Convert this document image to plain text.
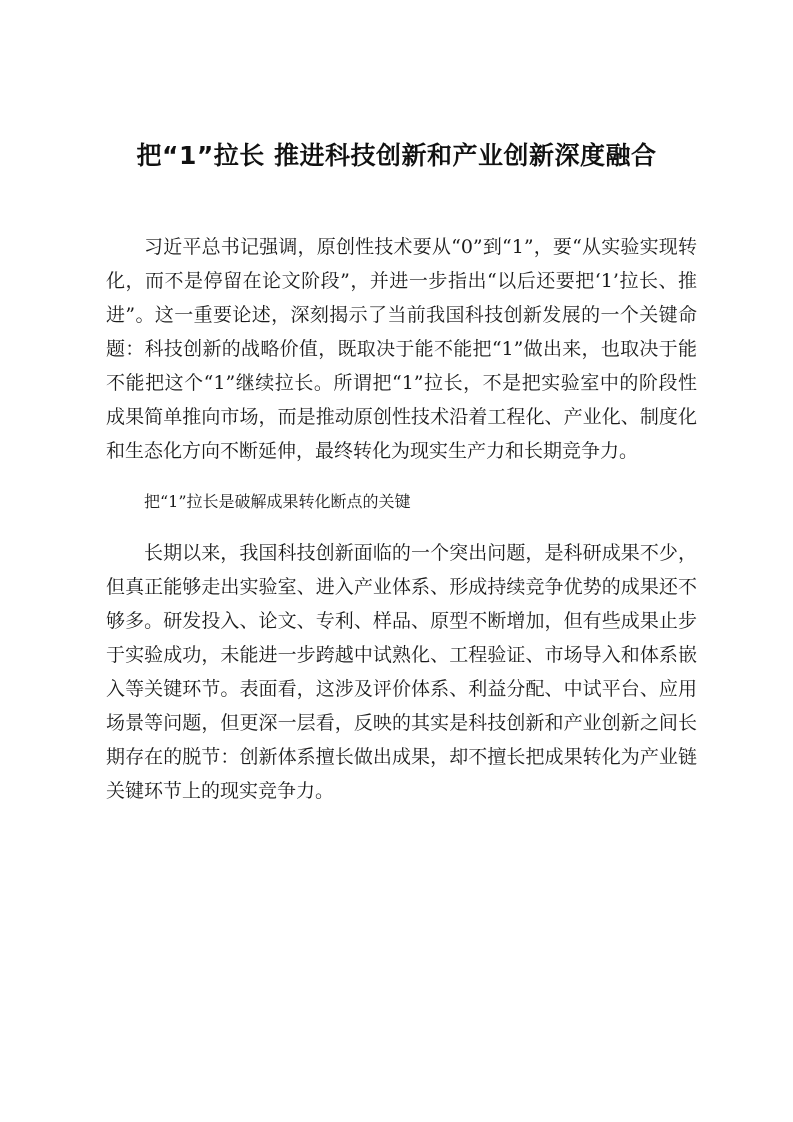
把“1”拉长 推进科技创新和产业创新深度融合

习近平总书记强调，原创性技术要从“0”到“1”，要“从实验实现转化，而不是停留在论文阶段”，并进一步指出“以后还要把‘1’拉长、推进”。这一重要论述，深刻揭示了当前我国科技创新发展的一个关键命题：科技创新的战略价值，既取决于能不能把“1”做出来，也取决于能不能把这个“1”继续拉长。所谓把“1”拉长，不是把实验室中的阶段性成果简单推向市场，而是推动原创性技术沿着工程化、产业化、制度化和生态化方向不断延伸，最终转化为现实生产力和长期竞争力。

把“1”拉长是破解成果转化断点的关键

长期以来，我国科技创新面临的一个突出问题，是科研成果不少，但真正能够走出实验室、进入产业体系、形成持续竞争优势的成果还不够多。研发投入、论文、专利、样品、原型不断增加，但有些成果止步于实验成功，未能进一步跨越中试熟化、工程验证、市场导入和体系嵌入等关键环节。表面看，这涉及评价体系、利益分配、中试平台、应用场景等问题，但更深一层看，反映的其实是科技创新和产业创新之间长期存在的脱节：创新体系擅长做出成果，却不擅长把成果转化为产业链关键环节上的现实竞争力。
